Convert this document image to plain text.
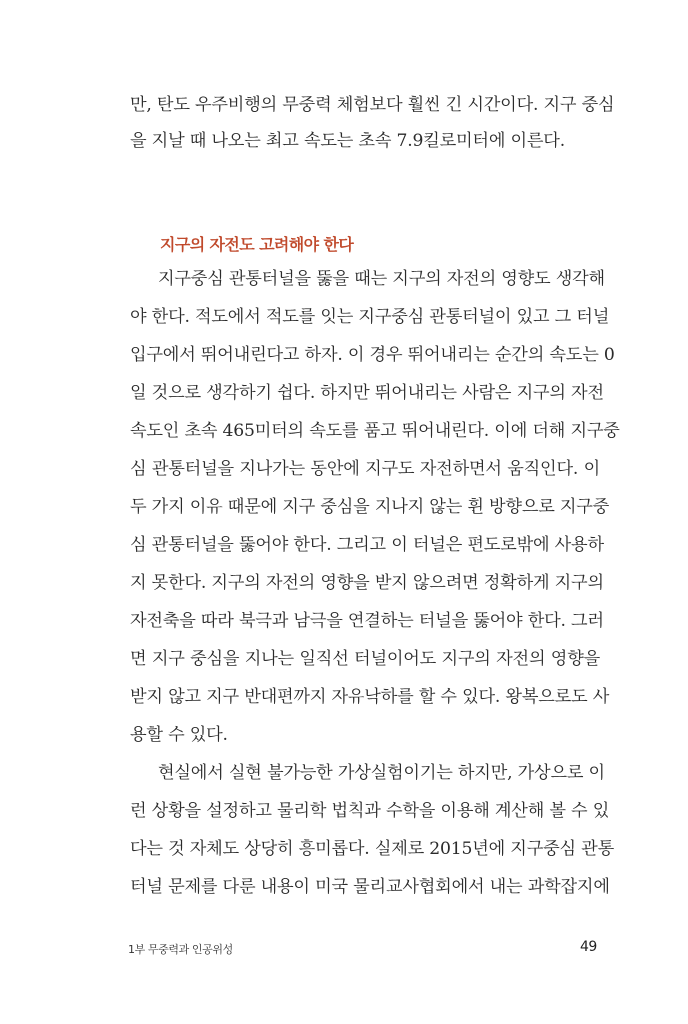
만, 탄도 우주비행의 무중력 체험보다 훨씬 긴 시간이다. 지구 중심
을 지날 때 나오는 최고 속도는 초속 7.9킬로미터에 이른다.
지구의 자전도 고려해야 한다
지구중심 관통터널을 뚫을 때는 지구의 자전의 영향도 생각해
야 한다. 적도에서 적도를 잇는 지구중심 관통터널이 있고 그 터널
입구에서 뛰어내린다고 하자. 이 경우 뛰어내리는 순간의 속도는 0
일 것으로 생각하기 쉽다. 하지만 뛰어내리는 사람은 지구의 자전
속도인 초속 465미터의 속도를 품고 뛰어내린다. 이에 더해 지구중
심 관통터널을 지나가는 동안에 지구도 자전하면서 움직인다. 이
두 가지 이유 때문에 지구 중심을 지나지 않는 휜 방향으로 지구중
심 관통터널을 뚫어야 한다. 그리고 이 터널은 편도로밖에 사용하
지 못한다. 지구의 자전의 영향을 받지 않으려면 정확하게 지구의
자전축을 따라 북극과 남극을 연결하는 터널을 뚫어야 한다. 그러
면 지구 중심을 지나는 일직선 터널이어도 지구의 자전의 영향을
받지 않고 지구 반대편까지 자유낙하를 할 수 있다. 왕복으로도 사
용할 수 있다.
현실에서 실현 불가능한 가상실험이기는 하지만, 가상으로 이
런 상황을 설정하고 물리학 법칙과 수학을 이용해 계산해 볼 수 있
다는 것 자체도 상당히 흥미롭다. 실제로 2015년에 지구중심 관통
터널 문제를 다룬 내용이 미국 물리교사협회에서 내는 과학잡지에
1부 무중력과 인공위성	49
